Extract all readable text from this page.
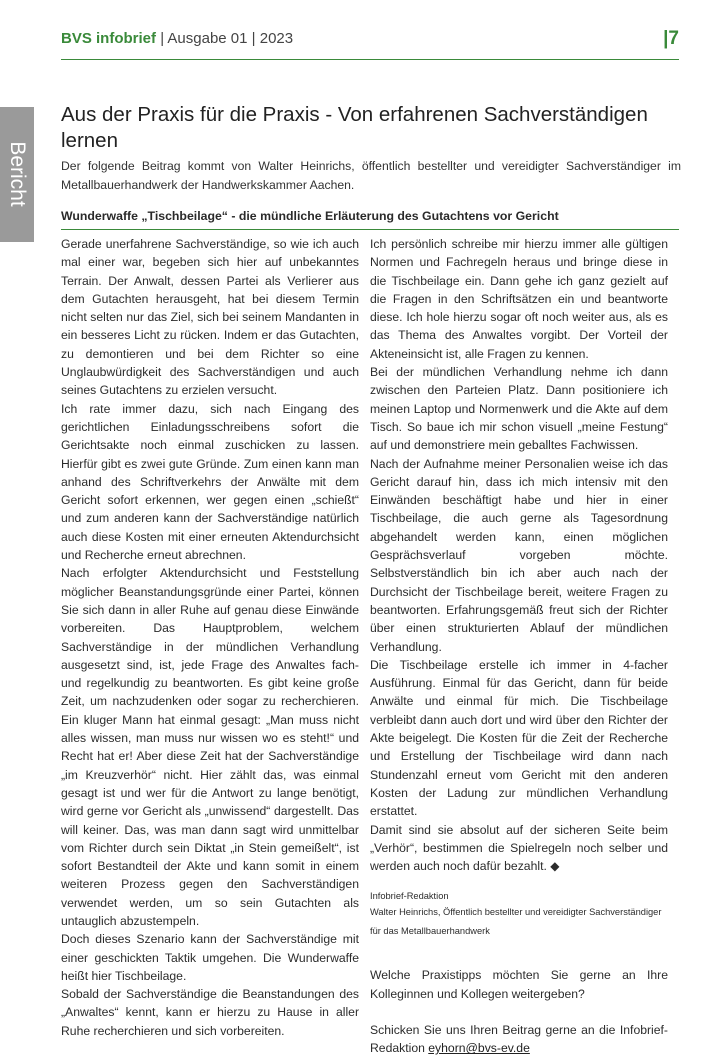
BVS infobrief | Ausgabe 01 | 2023	|7
Bericht
Aus der Praxis für die Praxis - Von erfahrenen Sachverständigen lernen

Der folgende Beitrag kommt von Walter Heinrichs, öffentlich bestellter und vereidigter Sachverständiger im Metallbauerhandwerk der Handwerkskammer Aachen.

Wunderwaffe „Tischbeilage“ - die mündliche Erläuterung des Gutachtens vor Gericht

Gerade unerfahrene Sachverständige, so wie ich auch mal einer war, begeben sich hier auf unbekanntes Terrain. Der Anwalt, dessen Partei als Verlierer aus dem Gutachten herausgeht, hat bei diesem Termin nicht selten nur das Ziel, sich bei seinem Mandanten in ein besseres Licht zu rücken. Indem er das Gutachten, zu demontieren und bei dem Richter so eine Unglaubwürdigkeit des Sachverständigen und auch seines Gutachtens zu erzielen versucht.

Ich rate immer dazu, sich nach Eingang des gerichtlichen Einladungsschreibens sofort die Gerichtsakte noch einmal zuschicken zu lassen. Hierfür gibt es zwei gute Gründe. Zum einen kann man anhand des Schriftverkehrs der Anwälte mit dem Gericht sofort erkennen, wer gegen einen „schießt“ und zum anderen kann der Sachverständige natürlich auch diese Kosten mit einer erneuten Aktendurchsicht und Recherche erneut abrechnen.

Nach erfolgter Aktendurchsicht und Feststellung möglicher Beanstandungsgründe einer Partei, können Sie sich dann in aller Ruhe auf genau diese Einwände vorbereiten. Das Hauptproblem, welchem Sachverständige in der mündlichen Verhandlung ausgesetzt sind, ist, jede Frage des Anwaltes fach- und regelkundig zu beantworten. Es gibt keine große Zeit, um nachzudenken oder sogar zu recherchieren. Ein kluger Mann hat einmal gesagt: „Man muss nicht alles wissen, man muss nur wissen wo es steht!“ und Recht hat er! Aber diese Zeit hat der Sachverständige „im Kreuzverhör“ nicht. Hier zählt das, was einmal gesagt ist und wer für die Antwort zu lange benötigt, wird gerne vor Gericht als „unwissend“ dargestellt. Das will keiner. Das, was man dann sagt wird unmittelbar vom Richter durch sein Diktat „in Stein gemeißelt“, ist sofort Bestandteil der Akte und kann somit in einem weiteren Prozess gegen den Sachverständigen verwendet werden, um so sein Gutachten als untauglich abzustempeln.

Doch dieses Szenario kann der Sachverständige mit einer geschickten Taktik umgehen. Die Wunderwaffe heißt hier Tischbeilage.

Sobald der Sachverständige die Beanstandungen des „Anwaltes“ kennt, kann er hierzu zu Hause in aller Ruhe recherchieren und sich vorbereiten.

Ich persönlich schreibe mir hierzu immer alle gültigen Normen und Fachregeln heraus und bringe diese in die Tischbeilage ein. Dann gehe ich ganz gezielt auf die Fragen in den Schriftsätzen ein und beantworte diese. Ich hole hierzu sogar oft noch weiter aus, als es das Thema des Anwaltes vorgibt. Der Vorteil der Akteneinsicht ist, alle Fragen zu kennen.

Bei der mündlichen Verhandlung nehme ich dann zwischen den Parteien Platz. Dann positioniere ich meinen Laptop und Normenwerk und die Akte auf dem Tisch. So baue ich mir schon visuell „meine Festung“ auf und demonstriere mein geballtes Fachwissen.

Nach der Aufnahme meiner Personalien weise ich das Gericht darauf hin, dass ich mich intensiv mit den Einwänden beschäftigt habe und hier in einer Tischbeilage, die auch gerne als Tagesordnung abgehandelt werden kann, einen möglichen Gesprächsverlauf vorgeben möchte. Selbstverständlich bin ich aber auch nach der Durchsicht der Tischbeilage bereit, weitere Fragen zu beantworten. Erfahrungsgemäß freut sich der Richter über einen strukturierten Ablauf der mündlichen Verhandlung.

Die Tischbeilage erstelle ich immer in 4-facher Ausführung. Einmal für das Gericht, dann für beide Anwälte und einmal für mich. Die Tischbeilage verbleibt dann auch dort und wird über den Richter der Akte beigelegt. Die Kosten für die Zeit der Recherche und Erstellung der Tischbeilage wird dann nach Stundenzahl erneut vom Gericht mit den anderen Kosten der Ladung zur mündlichen Verhandlung erstattet.

Damit sind sie absolut auf der sicheren Seite beim „Verhör“, bestimmen die Spielregeln noch selber und werden auch noch dafür bezahlt. ◆

Infobrief-Redaktion

Walter Heinrichs, Öffentlich bestellter und vereidigter Sachverständiger für das Metallbauerhandwerk

Welche Praxistipps möchten Sie gerne an Ihre Kolleginnen und Kollegen weitergeben?

Schicken Sie uns Ihren Beitrag gerne an die Infobrief-Redaktion eyhorn@bvs-ev.de
